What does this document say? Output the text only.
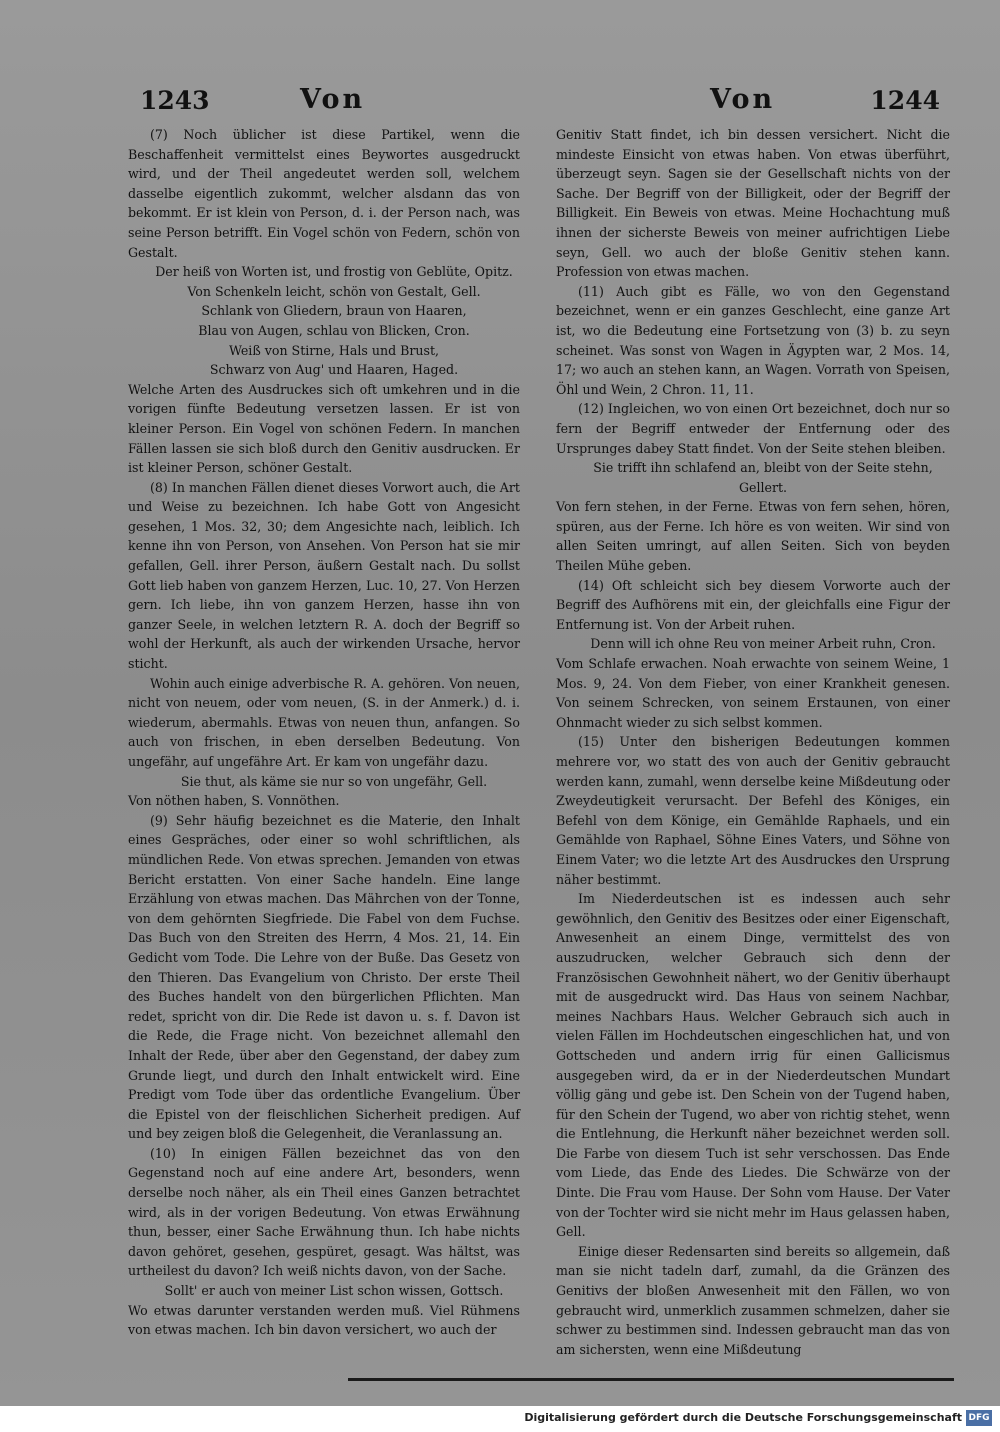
1243	Von	Von	1244

(7) Noch üblicher ist diese Partikel, wenn die Beschaffenheit vermittelst eines Beywortes ausgedruckt wird, und der Theil angedeutet werden soll, welchem dasselbe eigentlich zukommt, welcher alsdann das von bekommt. Er ist klein von Person, d. i. der Person nach, was seine Person betrifft. Ein Vogel schön von Federn, schön von Gestalt.

Der heiß von Worten ist, und frostig von Geblüte, Opitz.

Von Schenkeln leicht, schön von Gestalt, Gell.

Schlank von Gliedern, braun von Haaren,

Blau von Augen, schlau von Blicken, Cron.

Weiß von Stirne, Hals und Brust,

Schwarz von Aug' und Haaren, Haged.

Welche Arten des Ausdruckes sich oft umkehren und in die vorigen fünfte Bedeutung versetzen lassen. Er ist von kleiner Person. Ein Vogel von schönen Federn. In manchen Fällen lassen sie sich bloß durch den Genitiv ausdrucken. Er ist kleiner Person, schöner Gestalt.

(8) In manchen Fällen dienet dieses Vorwort auch, die Art und Weise zu bezeichnen. Ich habe Gott von Angesicht gesehen, 1 Mos. 32, 30; dem Angesichte nach, leiblich. Ich kenne ihn von Person, von Ansehen. Von Person hat sie mir gefallen, Gell. ihrer Person, äußern Gestalt nach. Du sollst Gott lieb haben von ganzem Herzen, Luc. 10, 27. Von Herzen gern. Ich liebe, ihn von ganzem Herzen, hasse ihn von ganzer Seele, in welchen letztern R. A. doch der Begriff so wohl der Herkunft, als auch der wirkenden Ursache, hervor sticht.

Wohin auch einige adverbische R. A. gehören. Von neuen, nicht von neuem, oder vom neuen, (S. in der Anmerk.) d. i. wiederum, abermahls. Etwas von neuen thun, anfangen. So auch von frischen, in eben derselben Bedeutung. Von ungefähr, auf ungefähre Art. Er kam von ungefähr dazu.

Sie thut, als käme sie nur so von ungefähr, Gell.

Von nöthen haben, S. Vonnöthen.

(9) Sehr häufig bezeichnet es die Materie, den Inhalt eines Gespräches, oder einer so wohl schriftlichen, als mündlichen Rede. Von etwas sprechen. Jemanden von etwas Bericht erstatten. Von einer Sache handeln. Eine lange Erzählung von etwas machen. Das Mährchen von der Tonne, von dem gehörnten Siegfriede. Die Fabel von dem Fuchse. Das Buch von den Streiten des Herrn, 4 Mos. 21, 14. Ein Gedicht vom Tode. Die Lehre von der Buße. Das Gesetz von den Thieren. Das Evangelium von Christo. Der erste Theil des Buches handelt von den bürgerlichen Pflichten. Man redet, spricht von dir. Die Rede ist davon u. s. f. Davon ist die Rede, die Frage nicht. Von bezeichnet allemahl den Inhalt der Rede, über aber den Gegenstand, der dabey zum Grunde liegt, und durch den Inhalt entwickelt wird. Eine Predigt vom Tode über das ordentliche Evangelium. Über die Epistel von der fleischlichen Sicherheit predigen. Auf und bey zeigen bloß die Gelegenheit, die Veranlassung an.

(10) In einigen Fällen bezeichnet das von den Gegenstand noch auf eine andere Art, besonders, wenn derselbe noch näher, als ein Theil eines Ganzen betrachtet wird, als in der vorigen Bedeutung. Von etwas Erwähnung thun, besser, einer Sache Erwähnung thun. Ich habe nichts davon gehöret, gesehen, gespüret, gesagt. Was hältst, was urtheilest du davon? Ich weiß nichts davon, von der Sache.

Sollt' er auch von meiner List schon wissen, Gottsch.

Wo etwas darunter verstanden werden muß. Viel Rühmens von etwas machen. Ich bin davon versichert, wo auch der

Genitiv Statt findet, ich bin dessen versichert. Nicht die mindeste Einsicht von etwas haben. Von etwas überführt, überzeugt seyn. Sagen sie der Gesellschaft nichts von der Sache. Der Begriff von der Billigkeit, oder der Begriff der Billigkeit. Ein Beweis von etwas. Meine Hochachtung muß ihnen der sicherste Beweis von meiner aufrichtigen Liebe seyn, Gell. wo auch der bloße Genitiv stehen kann. Profession von etwas machen.

(11) Auch gibt es Fälle, wo von den Gegenstand bezeichnet, wenn er ein ganzes Geschlecht, eine ganze Art ist, wo die Bedeutung eine Fortsetzung von (3) b. zu seyn scheinet. Was sonst von Wagen in Ägypten war, 2 Mos. 14, 17; wo auch an stehen kann, an Wagen. Vorrath von Speisen, Öhl und Wein, 2 Chron. 11, 11.

(12) Ingleichen, wo von einen Ort bezeichnet, doch nur so fern der Begriff entweder der Entfernung oder des Ursprunges dabey Statt findet. Von der Seite stehen bleiben.

Sie trifft ihn schlafend an, bleibt von der Seite stehn, Gellert.

Von fern stehen, in der Ferne. Etwas von fern sehen, hören, spüren, aus der Ferne. Ich höre es von weiten. Wir sind von allen Seiten umringt, auf allen Seiten. Sich von beyden Theilen Mühe geben.

(14) Oft schleicht sich bey diesem Vorworte auch der Begriff des Aufhörens mit ein, der gleichfalls eine Figur der Entfernung ist. Von der Arbeit ruhen.

Denn will ich ohne Reu von meiner Arbeit ruhn, Cron.

Vom Schlafe erwachen. Noah erwachte von seinem Weine, 1 Mos. 9, 24. Von dem Fieber, von einer Krankheit genesen. Von seinem Schrecken, von seinem Erstaunen, von einer Ohnmacht wieder zu sich selbst kommen.

(15) Unter den bisherigen Bedeutungen kommen mehrere vor, wo statt des von auch der Genitiv gebraucht werden kann, zumahl, wenn derselbe keine Mißdeutung oder Zweydeutigkeit verursacht. Der Befehl des Königes, ein Befehl von dem Könige, ein Gemählde Raphaels, und ein Gemählde von Raphael, Söhne Eines Vaters, und Söhne von Einem Vater; wo die letzte Art des Ausdruckes den Ursprung näher bestimmt.

Im Niederdeutschen ist es indessen auch sehr gewöhnlich, den Genitiv des Besitzes oder einer Eigenschaft, Anwesenheit an einem Dinge, vermittelst des von auszudrucken, welcher Gebrauch sich denn der Französischen Gewohnheit nähert, wo der Genitiv überhaupt mit de ausgedruckt wird. Das Haus von seinem Nachbar, meines Nachbars Haus. Welcher Gebrauch sich auch in vielen Fällen im Hochdeutschen eingeschlichen hat, und von Gottscheden und andern irrig für einen Gallicismus ausgegeben wird, da er in der Niederdeutschen Mundart völlig gäng und gebe ist. Den Schein von der Tugend haben, für den Schein der Tugend, wo aber von richtig stehet, wenn die Entlehnung, die Herkunft näher bezeichnet werden soll. Die Farbe von diesem Tuch ist sehr verschossen. Das Ende vom Liede, das Ende des Liedes. Die Schwärze von der Dinte. Die Frau vom Hause. Der Sohn vom Hause. Der Vater von der Tochter wird sie nicht mehr im Haus gelassen haben, Gell.

Einige dieser Redensarten sind bereits so allgemein, daß man sie nicht tadeln darf, zumahl, da die Gränzen des Genitivs der bloßen Anwesenheit mit den Fällen, wo von gebraucht wird, unmerklich zusammen schmelzen, daher sie schwer zu bestimmen sind. Indessen gebraucht man das von am sichersten, wenn eine Mißdeutung

Digitalisierung gefördert durch die Deutsche Forschungsgemeinschaft DFG
